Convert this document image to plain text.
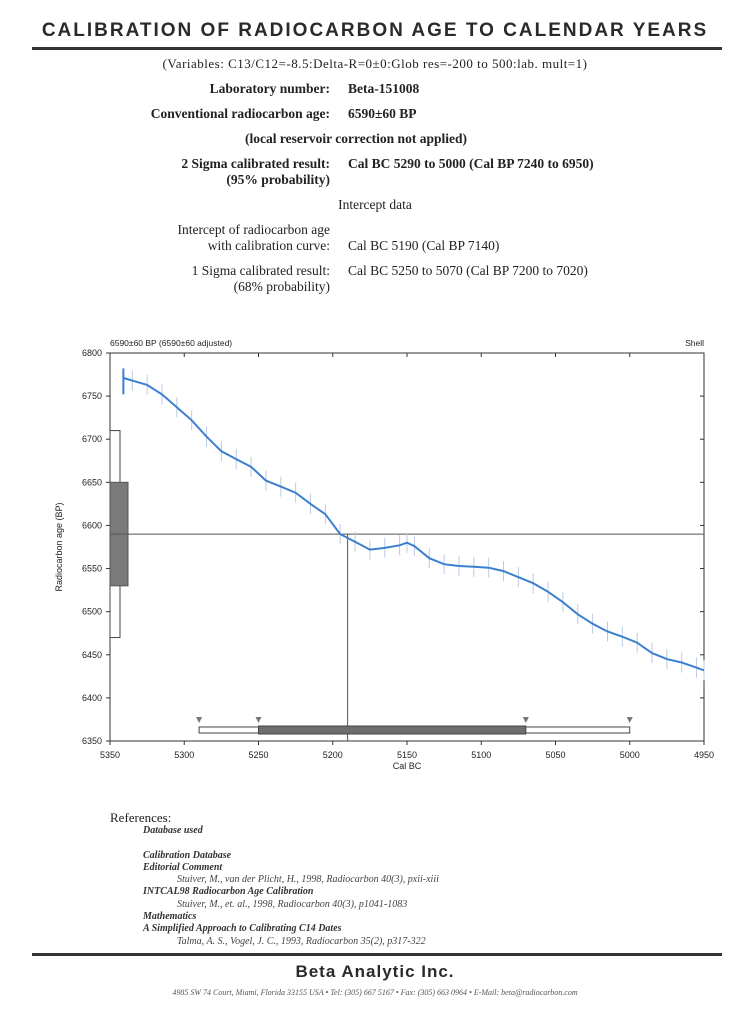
CALIBRATION OF RADIOCARBON AGE TO CALENDAR YEARS
(Variables: C13/C12=-8.5:Delta-R=0±0:Glob res=-200 to 500:lab. mult=1)
Laboratory number: Beta-151008
Conventional radiocarbon age: 6590±60 BP
(local reservoir correction not applied)
2 Sigma calibrated result:
(95% probability)
Cal BC 5290 to 5000 (Cal BP 7240 to 6950)
Intercept data
Intercept of radiocarbon age
with calibration curve: Cal BC 5190 (Cal BP 7140)
1 Sigma calibrated result:
(68% probability)
Cal BC 5250 to 5070 (Cal BP 7200 to 7020)
6590±60 BP (6590±60 adjusted)	Shell
6800
6750
6700
6650
6600
6550
6500
6450
6400
6350
5350	5300	5250	5200	5150	5100	5050	5000	4950
Cal BC
Radiocarbon age (BP)
References:
Database used
Calibration Database
Editorial Comment
Stuiver, M., van der Plicht, H., 1998, Radiocarbon 40(3), pxii-xiii
INTCAL98 Radiocarbon Age Calibration
Stuiver, M., et. al., 1998, Radiocarbon 40(3), p1041-1083
Mathematics
A Simplified Approach to Calibrating C14 Dates
Talma, A. S., Vogel, J. C., 1993, Radiocarbon 35(2), p317-322
Beta Analytic Inc.
4985 SW 74 Court, Miami, Florida 33155 USA • Tel: (305) 667 5167 • Fax: (305) 663 0964 • E-Mail: beta@radiocarbon.com
